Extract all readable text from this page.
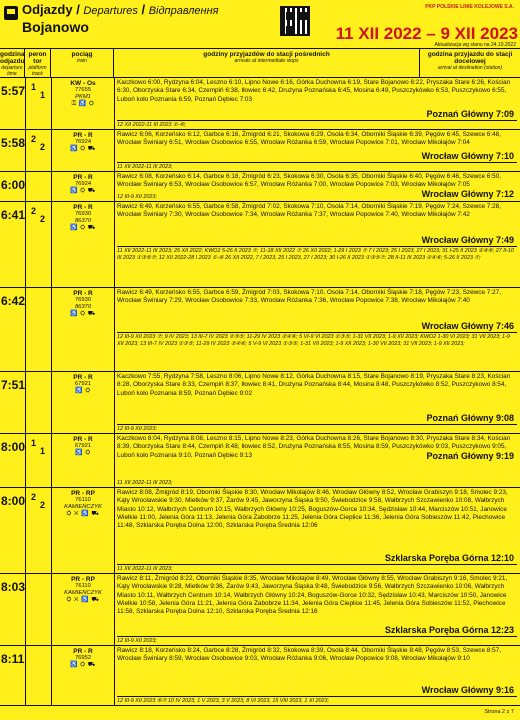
Odjazdy / Departures / Відправлення
Bojanowo
PKP POLSKIE LINIE KOLEJOWE S.A.
11 XII 2022 – 9 XII 2023
Aktualizacja wg stanu na 24.10.2022
godzina odjazdu
departure time
peron tor
platform track
pociąg
train
godziny przyjazdów do stacji pośrednich
arrivals at intermediate stops
godzina przyjazdu do stacji docelowej
arrival at destination (station)
5:57 1
1
KW - Os
77655
PKM1
⚿ ♿ ⛭
Kaczkowo 6:00, Rydzyna 6:04, Leszno 6:10, Lipno Nowe 6:16, Górka Duchowna 6:19, Stare Bojanowo 6:22, Pryszaka Stare 6:26, Kościan 6:30, Oborzyska Stare 6:34, Czempiń 6:38, Iłowiec 6:42, Drużyna Poznańska 6:45, Mosina 6:49, Puszczykówko 6:53, Puszczykowo 6:55, Luboń koło Poznania 6:59, Poznań Dębiec 7:03
Poznań Główny 7:09
12 XII 2022-11 III 2023 ①-⑥;
5:58 2
2
PR - R
76924
♿ ⛭ ⛟
Rawicz 6:06, Korzeńsko 6:12, Garbce 6:16, Żmigród 6:21, Skokowa 6:29, Osola 6:34, Oborniki Śląskie 6:39, Pęgów 6:45, Szewce 6:48, Wrocław Świniary 6:51, Wrocław Osobowice 6:55, Wrocław Różanka 6:59, Wrocław Popowice 7:01, Wrocław Mikołajów 7:04
Wrocław Główny 7:10
11 XII 2022-11 III 2023;
6:00
PR - R
76924
♿ ⛭ ⛟
Rawicz 6:08, Korzeńsko 6:14, Garbce 6:18, Żmigród 6:23, Skokowa 6:30, Osola 6:35, Oborniki Śląskie 6:40, Pęgów 6:46, Szewce 6:50, Wrocław Świniary 6:53, Wrocław Osobowice 6:57, Wrocław Różanka 7:00, Wrocław Popowice 7:03, Wrocław Mikołajów 7:05
Wrocław Główny 7:12
12 III-9 XII 2023;
6:41 2
2
PR - R
76930
86370
♿ ⛭ ⛟
Rawicz 6:49, Korzeńsko 6:55, Garbce 6:58, Żmigród 7:02, Skokowa 7:10, Osola 7:14, Oborniki Śląskie 7:19, Pęgów 7:24, Szewce 7:28, Wrocław Świniary 7:30, Wrocław Osobowice 7:34, Wrocław Różanka 7:37, Wrocław Popowice 7:40, Wrocław Mikołajów 7:42
Wrocław Główny 7:49
11 XII 2022-11 III 2023; 25 XII 2022; KWO2 5-26 II 2023 ⑦; 11-18 XII 2022 ⑦ 26 XII 2022; 1-29 I 2023 ⑦ 7 I 2023; 25 I 2023, 27 I 2023; 31 I-25 II 2023 ②④⑥; 27 II-10 III 2023 ①③⑤⑦; 12 XII 2022-28 I 2023 ①-⑥ 26 XII 2022, 7 I 2023, 25 I 2023, 27 I 2023; 30 I-26 II 2023 ①③⑤⑦; 28 II-11 III 2023 ②④⑥; 5-26 II 2023 ⑦;
6:42
PR - R
76930
86370
♿ ⛭ ⛟
Rawicz 6:49, Korzeńsko 6:55, Garbce 6:59, Żmigród 7:03, Skokowa 7:10, Osola 7:14, Oborniki Śląskie 7:18, Pęgów 7:23, Szewce 7:27, Wrocław Świniary 7:29, Wrocław Osobowice 7:33, Wrocław Różanka 7:36, Wrocław Popowice 7:38, Wrocław Mikołajów 7:40
Wrocław Główny 7:46
12 III-9 XII 2023 ⑦; 9 IV 2023; 13 III-7 IV 2023 ①③⑤; 11-29 IV 2023 ②④⑥; 5 VI-9 VI 2023 ①③⑤; 1-31 VII 2023; 1-9 XII 2023; KWO2 1-30 VI 2023; 31 VII 2023; 1-9 XII 2023; 13 III-7 IV 2023 ①③⑤; 11-29 IV 2023 ②④⑥; 5 V-9 VI 2023 ①③⑤; 1-31 VII 2023; 1-9 XII 2023; 1-30 VII 2023; 31 VII 2023; 1-9 XII 2023;
7:51
PR - R
67921
♿ ⛭
Kaczkowo 7:55, Rydzyna 7:58, Leszno 8:06, Lipno Nowe 8:12, Górka Duchowna 8:15, Stare Bojanowo 8:19, Pryszaka Stare 8:23, Kościan 8:28, Oborzyska Stare 8:33, Czempiń 8:37, Iłowiec 8:41, Drużyna Poznańska 8:44, Mosina 8:48, Puszczykówko 8:52, Puszczykowo 8:54, Luboń koło Poznania 8:59, Poznań Dębiec 9:02
Poznań Główny 9:08
12 III-9 XII 2023;
8:00 1
1
PR - R
67921
♿ ⛭
Kaczkowo 8:04, Rydzyna 8:08, Leszno 8:15, Lipno Nowe 8:23, Górka Duchowna 8:26, Stare Bojanowo 8:30, Pryszaka Stare 8:34, Kościan 8:39, Oborzyska Stare 8:44, Czempiń 8:48, Iłowiec 8:52, Drużyna Poznańska 8:55, Mosina 8:59, Puszczykówko 9:03, Puszczykowo 9:05, Luboń koło Poznania 9:10, Poznań Dębiec 9:13	Poznań Główny 9:19
11 XII 2022-11 III 2023;
8:00 2
2
PR - RP
76110
KAMIEŃCZYK
⛭ ✕ ♿ ⛟
Rawicz 8:08, Żmigród 8:19, Oborniki Śląskie 8:30, Wrocław Mikołajów 8:46, Wrocław Główny 8:52, Wrocław Grabiszyn 9:18, Smolec 9:23, Kąty Wrocławskie 9:30, Mietków 9:37, Żarów 9:45, Jaworzyna Śląska 9:50, Świebodzice 9:58, Wałbrzych Szczawienko 10:08, Wałbrzych Miasto 10:12, Wałbrzych Centrum 10:15, Wałbrzych Główny 10:25, Boguszów-Gorce 10:34, Sędzisław 10:44, Marciszów 10:51, Janowice Wielkie 11:00, Jelenia Góra 11:13, Jelenia Góra Zabobrze 11:25, Jelenia Góra Cieplice 11:36, Jelenia Góra Sobieszów 11:42, Piechowice 11:48, Szklarska Poręba Dolna 12:00, Szklarska Poręba Średnia 12:06
Szklarska Poręba Górna 12:10
11 XII 2022-11 III 2023;
8:03
PR - RP
76110
KAMIEŃCZYK
⛭ ✕ ♿ ⛟
Rawicz 8:11, Żmigród 8:22, Oborniki Śląskie 8:35, Wrocław Mikołajów 8:49, Wrocław Główny 8:55, Wrocław Grabiszyn 9:16, Smolec 9:21, Kąty Wrocławskie 9:28, Mietków 9:36, Żarów 9:43, Jaworzyna Śląska 9:48, Świebodzice 9:56, Wałbrzych Szczawienko 10:06, Wałbrzych Miasto 10:11, Wałbrzych Centrum 10:14, Wałbrzych Główny 10:24, Boguszów-Gorce 10:32, Sędzisław 10:43, Marciszów 10:50, Janowice Wielkie 10:58, Jelenia Góra 11:21, Jelenia Góra Zabobrze 11:34, Jelenia Góra Cieplice 11:45, Jelenia Góra Sobieszów 11:52, Piechowice 11:58, Szklarska Poręba Dolna 12:10, Szklarska Poręba Średnia 12:16
Szklarska Poręba Górna 12:23
12 III-9 XII 2023;
8:11
PR - R
76952
♿ ⛭ ⛟
Rawicz 8:18, Korzeńsko 8:24, Garbce 8:28, Żmigród 8:32, Skokowa 8:39, Osola 8:44, Oborniki Śląskie 8:48, Pęgów 8:53, Szewce 8:57, Wrocław Świniary 8:59, Wrocław Osobowice 9:03, Wrocław Różanka 9:06, Wrocław Popowice 9:08, Wrocław Mikołajów 9:10
Wrocław Główny 9:16
12 III-9 XII 2023 ⑥⑦ 10 IV 2023, 1 V 2023, 3 V 2023, 8 VI 2023, 15 VIII 2023, 1 XI 2023;
Strona 2 z 7
